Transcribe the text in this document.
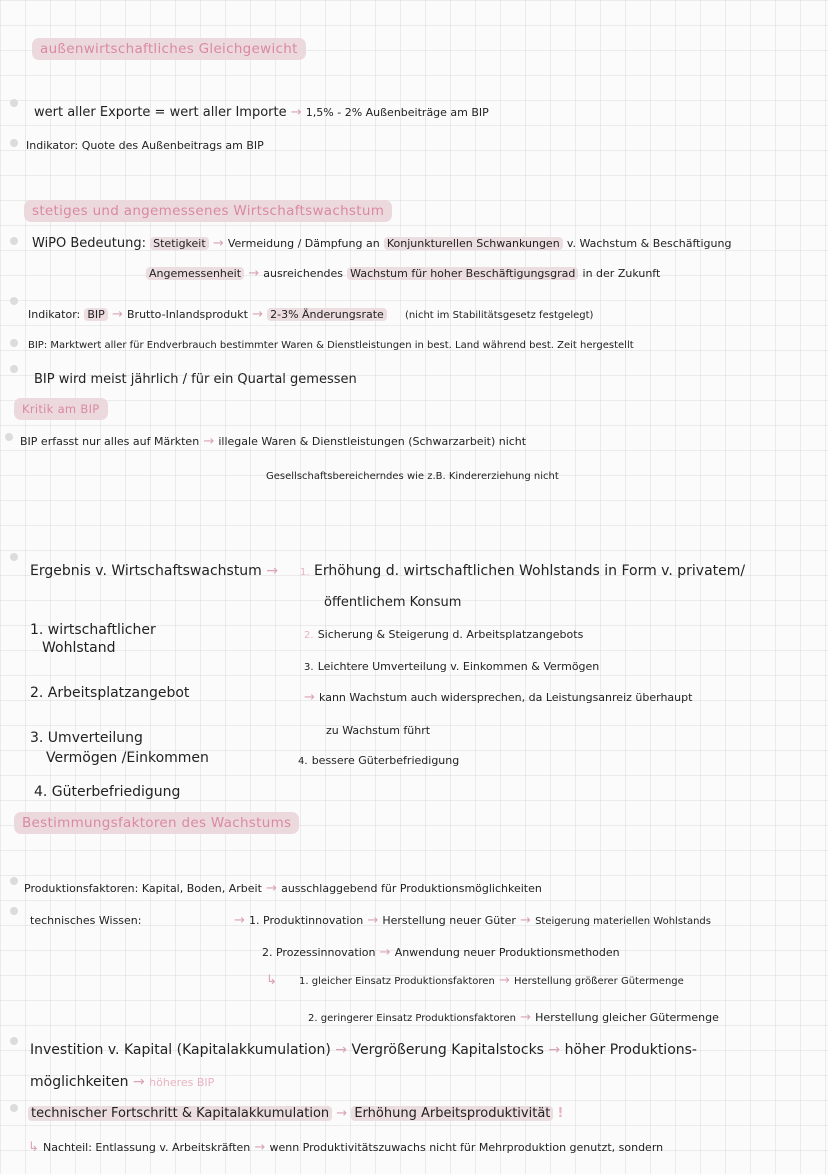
außenwirtschaftliches Gleichgewicht
wert aller Exporte = wert aller Importe → 1,5% - 2% Außenbeiträge am BIP
Indikator: Quote des Außenbeitrags am BIP
stetiges und angemessenes Wirtschaftswachstum
WiPO Bedeutung: Stetigkeit → Vermeidung / Dämpfung an Konjunkturellen Schwankungen v. Wachstum & Beschäftigung
Angemessenheit → ausreichendes Wachstum für hoher Beschäftigungsgrad in der Zukunft
Indikator: BIP → Brutto-Inlandsprodukt → 2-3% Änderungsrate (nicht im Stabilitätsgesetz festgelegt)
BIP: Marktwert aller für Endverbrauch bestimmter Waren & Dienstleistungen in best. Land während best. Zeit hergestellt
BIP wird meist jährlich / für ein Quartal gemessen
Kritik am BIP
BIP erfasst nur alles auf Märkten → illegale Waren & Dienstleistungen (Schwarzarbeit) nicht
Gesellschaftsbereicherndes wie z.B. Kindererziehung nicht
Ergebnis v. Wirtschaftswachstum →
1. wirtschaftlicher
Wohlstand
2. Arbeitsplatzangebot
3. Umverteilung
Vermögen /Einkommen
4. Güterbefriedigung
1. Erhöhung d. wirtschaftlichen Wohlstands in Form v. privatem/
öffentlichem Konsum
2. Sicherung & Steigerung d. Arbeitsplatzangebots
3. Leichtere Umverteilung v. Einkommen & Vermögen
→ kann Wachstum auch widersprechen, da Leistungsanreiz überhaupt
zu Wachstum führt
4. bessere Güterbefriedigung
Bestimmungsfaktoren des Wachstums
Produktionsfaktoren: Kapital, Boden, Arbeit → ausschlaggebend für Produktionsmöglichkeiten
technisches Wissen:	→ 1. Produktinnovation → Herstellung neuer Güter → Steigerung materiellen Wohlstands
2. Prozessinnovation → Anwendung neuer Produktionsmethoden
↳ 1. gleicher Einsatz Produktionsfaktoren → Herstellung größerer Gütermenge
2. geringerer Einsatz Produktionsfaktoren → Herstellung gleicher Gütermenge
Investition v. Kapital (Kapitalakkumulation) → Vergrößerung Kapitalstocks → höher Produktions-
möglichkeiten → höheres BIP
technischer Fortschritt & Kapitalakkumulation → Erhöhung Arbeitsproduktivität !
↳ Nachteil: Entlassung v. Arbeitskräften → wenn Produktivitätszuwachs nicht für Mehrproduktion genutzt, sondern
